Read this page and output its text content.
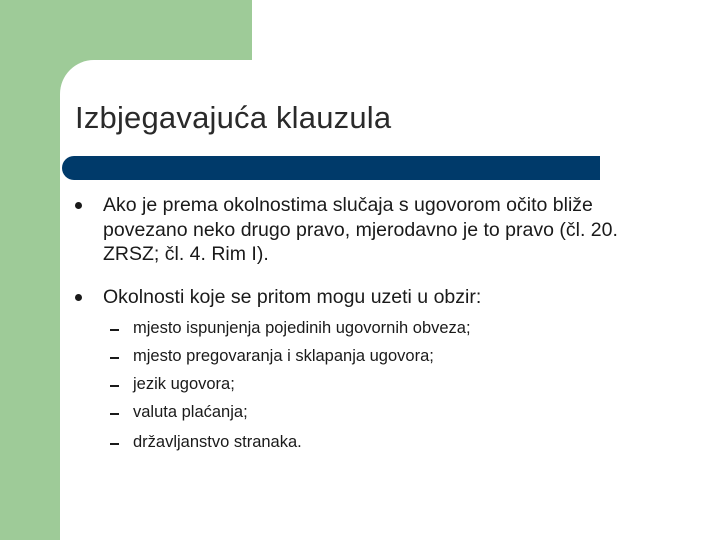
Izbjegavajuća klauzula
Ako je prema okolnostima slučaja s ugovorom očito bliže povezano neko drugo pravo, mjerodavno je to pravo (čl. 20. ZRSZ; čl. 4. Rim I).
Okolnosti koje se pritom mogu uzeti u obzir:
mjesto ispunjenja pojedinih ugovornih obveza;
mjesto pregovaranja i sklapanja ugovora;
jezik ugovora;
valuta plaćanja;
državljanstvo stranaka.
